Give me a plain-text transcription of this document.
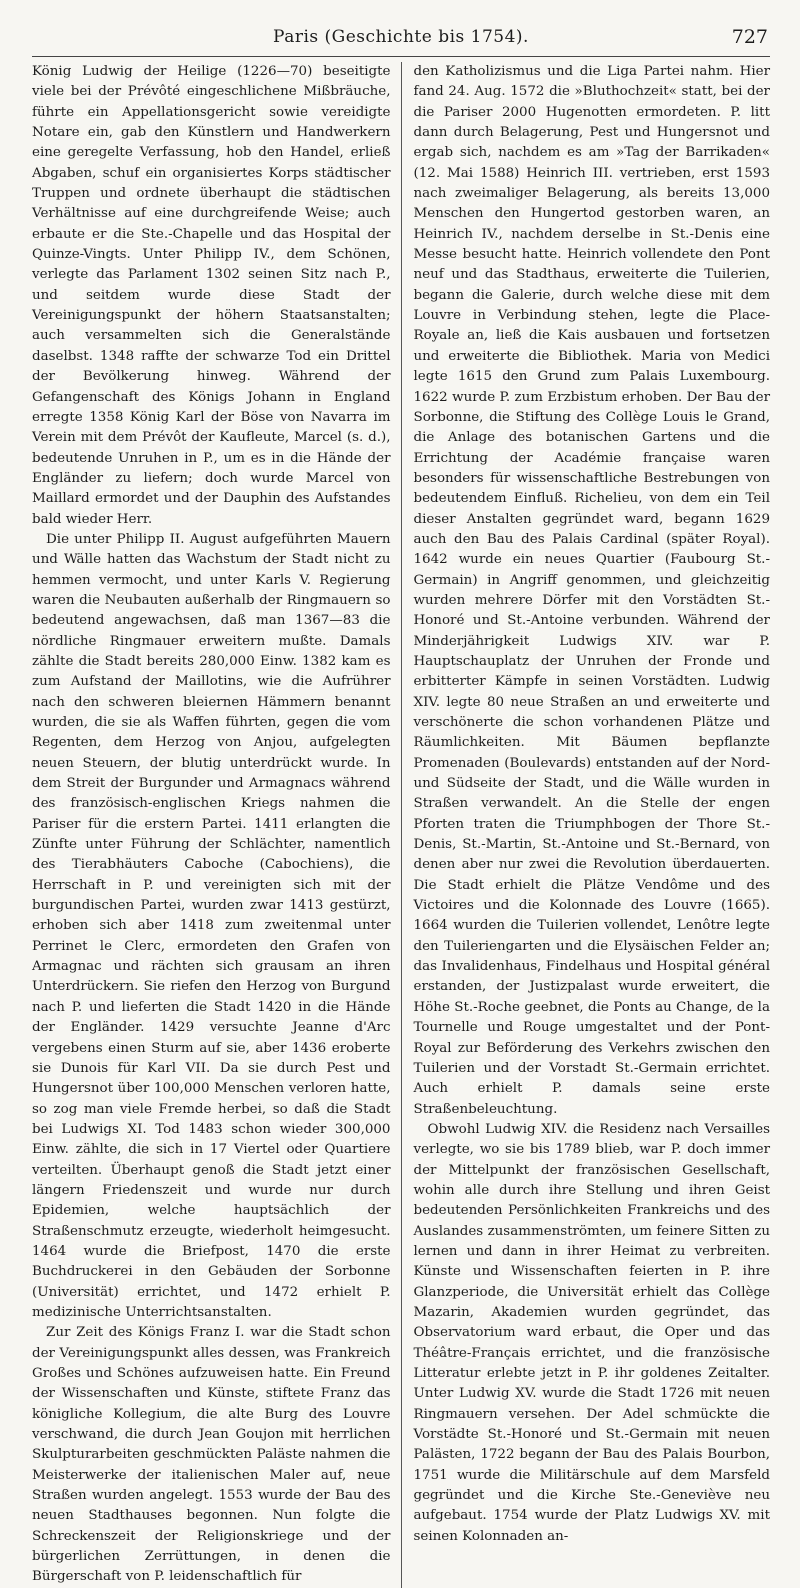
Paris (Geschichte bis 1754).	727

König Ludwig der Heilige (1226—70) beseitigte viele bei der Prévôté eingeschlichene Mißbräuche, führte ein Appellationsgericht sowie vereidigte Notare ein, gab den Künstlern und Handwerkern eine geregelte Verfassung, hob den Handel, erließ Abgaben, schuf ein organisiertes Korps städtischer Truppen und ordnete überhaupt die städtischen Verhältnisse auf eine durchgreifende Weise; auch erbaute er die Ste.-Chapelle und das Hospital der Quinze-Vingts. Unter Philipp IV., dem Schönen, verlegte das Parlament 1302 seinen Sitz nach P., und seitdem wurde diese Stadt der Vereinigungspunkt der höhern Staatsanstalten; auch versammelten sich die Generalstände daselbst. 1348 raffte der schwarze Tod ein Drittel der Bevölkerung hinweg. Während der Gefangenschaft des Königs Johann in England erregte 1358 König Karl der Böse von Navarra im Verein mit dem Prévôt der Kaufleute, Marcel (s. d.), bedeutende Unruhen in P., um es in die Hände der Engländer zu liefern; doch wurde Marcel von Maillard ermordet und der Dauphin des Aufstandes bald wieder Herr.

Die unter Philipp II. August aufgeführten Mauern und Wälle hatten das Wachstum der Stadt nicht zu hemmen vermocht, und unter Karls V. Regierung waren die Neubauten außerhalb der Ringmauern so bedeutend angewachsen, daß man 1367—83 die nördliche Ringmauer erweitern mußte. Damals zählte die Stadt bereits 280,000 Einw. 1382 kam es zum Aufstand der Maillotins, wie die Aufrührer nach den schweren bleiernen Hämmern benannt wurden, die sie als Waffen führten, gegen die vom Regenten, dem Herzog von Anjou, aufgelegten neuen Steuern, der blutig unterdrückt wurde. In dem Streit der Burgunder und Armagnacs während des französisch-englischen Kriegs nahmen die Pariser für die erstern Partei. 1411 erlangten die Zünfte unter Führung der Schlächter, namentlich des Tierabhäuters Caboche (Cabochiens), die Herrschaft in P. und vereinigten sich mit der burgundischen Partei, wurden zwar 1413 gestürzt, erhoben sich aber 1418 zum zweitenmal unter Perrinet le Clerc, ermordeten den Grafen von Armagnac und rächten sich grausam an ihren Unterdrückern. Sie riefen den Herzog von Burgund nach P. und lieferten die Stadt 1420 in die Hände der Engländer. 1429 versuchte Jeanne d'Arc vergebens einen Sturm auf sie, aber 1436 eroberte sie Dunois für Karl VII. Da sie durch Pest und Hungersnot über 100,000 Menschen verloren hatte, so zog man viele Fremde herbei, so daß die Stadt bei Ludwigs XI. Tod 1483 schon wieder 300,000 Einw. zählte, die sich in 17 Viertel oder Quartiere verteilten. Überhaupt genoß die Stadt jetzt einer längern Friedenszeit und wurde nur durch Epidemien, welche hauptsächlich der Straßenschmutz erzeugte, wiederholt heimgesucht. 1464 wurde die Briefpost, 1470 die erste Buchdruckerei in den Gebäuden der Sorbonne (Universität) errichtet, und 1472 erhielt P. medizinische Unterrichtsanstalten.

Zur Zeit des Königs Franz I. war die Stadt schon der Vereinigungspunkt alles dessen, was Frankreich Großes und Schönes aufzuweisen hatte. Ein Freund der Wissenschaften und Künste, stiftete Franz das königliche Kollegium, die alte Burg des Louvre verschwand, die durch Jean Goujon mit herrlichen Skulpturarbeiten geschmückten Paläste nahmen die Meisterwerke der italienischen Maler auf, neue Straßen wurden angelegt. 1553 wurde der Bau des neuen Stadthauses begonnen. Nun folgte die Schreckenszeit der Religionskriege und der bürgerlichen Zerrüttungen, in denen die Bürgerschaft von P. leidenschaftlich für

den Katholizismus und die Liga Partei nahm. Hier fand 24. Aug. 1572 die »Bluthochzeit« statt, bei der die Pariser 2000 Hugenotten ermordeten. P. litt dann durch Belagerung, Pest und Hungersnot und ergab sich, nachdem es am »Tag der Barrikaden« (12. Mai 1588) Heinrich III. vertrieben, erst 1593 nach zweimaliger Belagerung, als bereits 13,000 Menschen den Hungertod gestorben waren, an Heinrich IV., nachdem derselbe in St.-Denis eine Messe besucht hatte. Heinrich vollendete den Pont neuf und das Stadthaus, erweiterte die Tuilerien, begann die Galerie, durch welche diese mit dem Louvre in Verbindung stehen, legte die Place-Royale an, ließ die Kais ausbauen und fortsetzen und erweiterte die Bibliothek. Maria von Medici legte 1615 den Grund zum Palais Luxembourg. 1622 wurde P. zum Erzbistum erhoben. Der Bau der Sorbonne, die Stiftung des Collège Louis le Grand, die Anlage des botanischen Gartens und die Errichtung der Académie française waren besonders für wissenschaftliche Bestrebungen von bedeutendem Einfluß. Richelieu, von dem ein Teil dieser Anstalten gegründet ward, begann 1629 auch den Bau des Palais Cardinal (später Royal). 1642 wurde ein neues Quartier (Faubourg St.-Germain) in Angriff genommen, und gleichzeitig wurden mehrere Dörfer mit den Vorstädten St.-Honoré und St.-Antoine verbunden. Während der Minderjährigkeit Ludwigs XIV. war P. Hauptschauplatz der Unruhen der Fronde und erbitterter Kämpfe in seinen Vorstädten. Ludwig XIV. legte 80 neue Straßen an und erweiterte und verschönerte die schon vorhandenen Plätze und Räumlichkeiten. Mit Bäumen bepflanzte Promenaden (Boulevards) entstanden auf der Nord- und Südseite der Stadt, und die Wälle wurden in Straßen verwandelt. An die Stelle der engen Pforten traten die Triumphbogen der Thore St.-Denis, St.-Martin, St.-Antoine und St.-Bernard, von denen aber nur zwei die Revolution überdauerten. Die Stadt erhielt die Plätze Vendôme und des Victoires und die Kolonnade des Louvre (1665). 1664 wurden die Tuilerien vollendet, Lenôtre legte den Tuileriengarten und die Elysäischen Felder an; das Invalidenhaus, Findelhaus und Hospital général erstanden, der Justizpalast wurde erweitert, die Höhe St.-Roche geebnet, die Ponts au Change, de la Tournelle und Rouge umgestaltet und der Pont-Royal zur Beförderung des Verkehrs zwischen den Tuilerien und der Vorstadt St.-Germain errichtet. Auch erhielt P. damals seine erste Straßenbeleuchtung.

Obwohl Ludwig XIV. die Residenz nach Versailles verlegte, wo sie bis 1789 blieb, war P. doch immer der Mittelpunkt der französischen Gesellschaft, wohin alle durch ihre Stellung und ihren Geist bedeutenden Persönlichkeiten Frankreichs und des Auslandes zusammenströmten, um feinere Sitten zu lernen und dann in ihrer Heimat zu verbreiten. Künste und Wissenschaften feierten in P. ihre Glanzperiode, die Universität erhielt das Collège Mazarin, Akademien wurden gegründet, das Observatorium ward erbaut, die Oper und das Théâtre-Français errichtet, und die französische Litteratur erlebte jetzt in P. ihr goldenes Zeitalter. Unter Ludwig XV. wurde die Stadt 1726 mit neuen Ringmauern versehen. Der Adel schmückte die Vorstädte St.-Honoré und St.-Germain mit neuen Palästen, 1722 begann der Bau des Palais Bourbon, 1751 wurde die Militärschule auf dem Marsfeld gegründet und die Kirche Ste.-Geneviève neu aufgebaut. 1754 wurde der Platz Ludwigs XV. mit seinen Kolonnaden an-
